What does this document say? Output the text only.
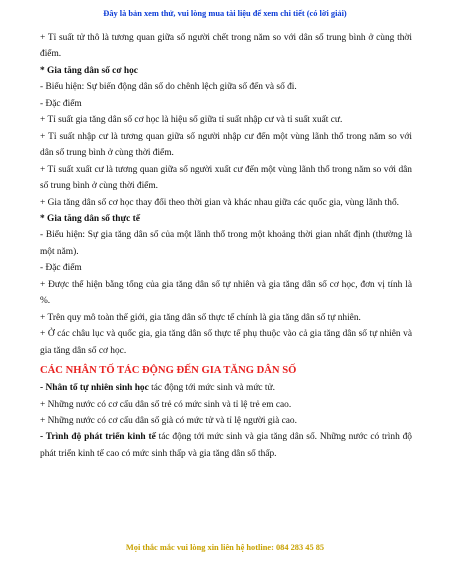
Đây là bản xem thử, vui lòng mua tài liệu để xem chi tiết (có lời giải)

+ Tỉ suất tử thô là tương quan giữa số người chết trong năm so với dân số trung bình ở cùng thời điểm.

* Gia tăng dân số cơ học

- Biểu hiện: Sự biến động dân số do chênh lệch giữa số đến và số đi.

- Đặc điểm

+ Tỉ suất gia tăng dân số cơ học là hiệu số giữa tỉ suất nhập cư và tỉ suất xuất cư.

+ Tỉ suất nhập cư là tương quan giữa số người nhập cư đến một vùng lãnh thổ trong năm so với dân số trung bình ở cùng thời điểm.

+ Tỉ suất xuất cư là tương quan giữa số người xuất cư đến một vùng lãnh thổ trong năm so với dân số trung bình ở cùng thời điểm.

+ Gia tăng dân số cơ học thay đổi theo thời gian và khác nhau giữa các quốc gia, vùng lãnh thổ.

* Gia tăng dân số thực tế

- Biểu hiện: Sự gia tăng dân số của một lãnh thổ trong một khoảng thời gian nhất định (thường là một năm).

- Đặc điểm

+ Được thể hiện bằng tổng của gia tăng dân số tự nhiên và gia tăng dân số cơ học, đơn vị tính là %.

+ Trên quy mô toàn thế giới, gia tăng dân số thực tế chính là gia tăng dân số tự nhiên.

+ Ở các châu lục và quốc gia, gia tăng dân số thực tế phụ thuộc vào cả gia tăng dân số tự nhiên và gia tăng dân số cơ học.

CÁC NHÂN TỐ TÁC ĐỘNG ĐẾN GIA TĂNG DÂN SỐ

- Nhân tố tự nhiên sinh học tác động tới mức sinh và mức tử.

+ Những nước có cơ cấu dân số trẻ có mức sinh và tỉ lệ trẻ em cao.

+ Những nước có cơ cấu dân số già có mức tử và tỉ lệ người già cao.

- Trình độ phát triển kinh tế tác động tới mức sinh và gia tăng dân số. Những nước có trình độ phát triển kinh tế cao có mức sinh thấp và gia tăng dân số thấp.

Mọi thắc mắc vui lòng xin liên hệ hotline: 084 283 45 85
